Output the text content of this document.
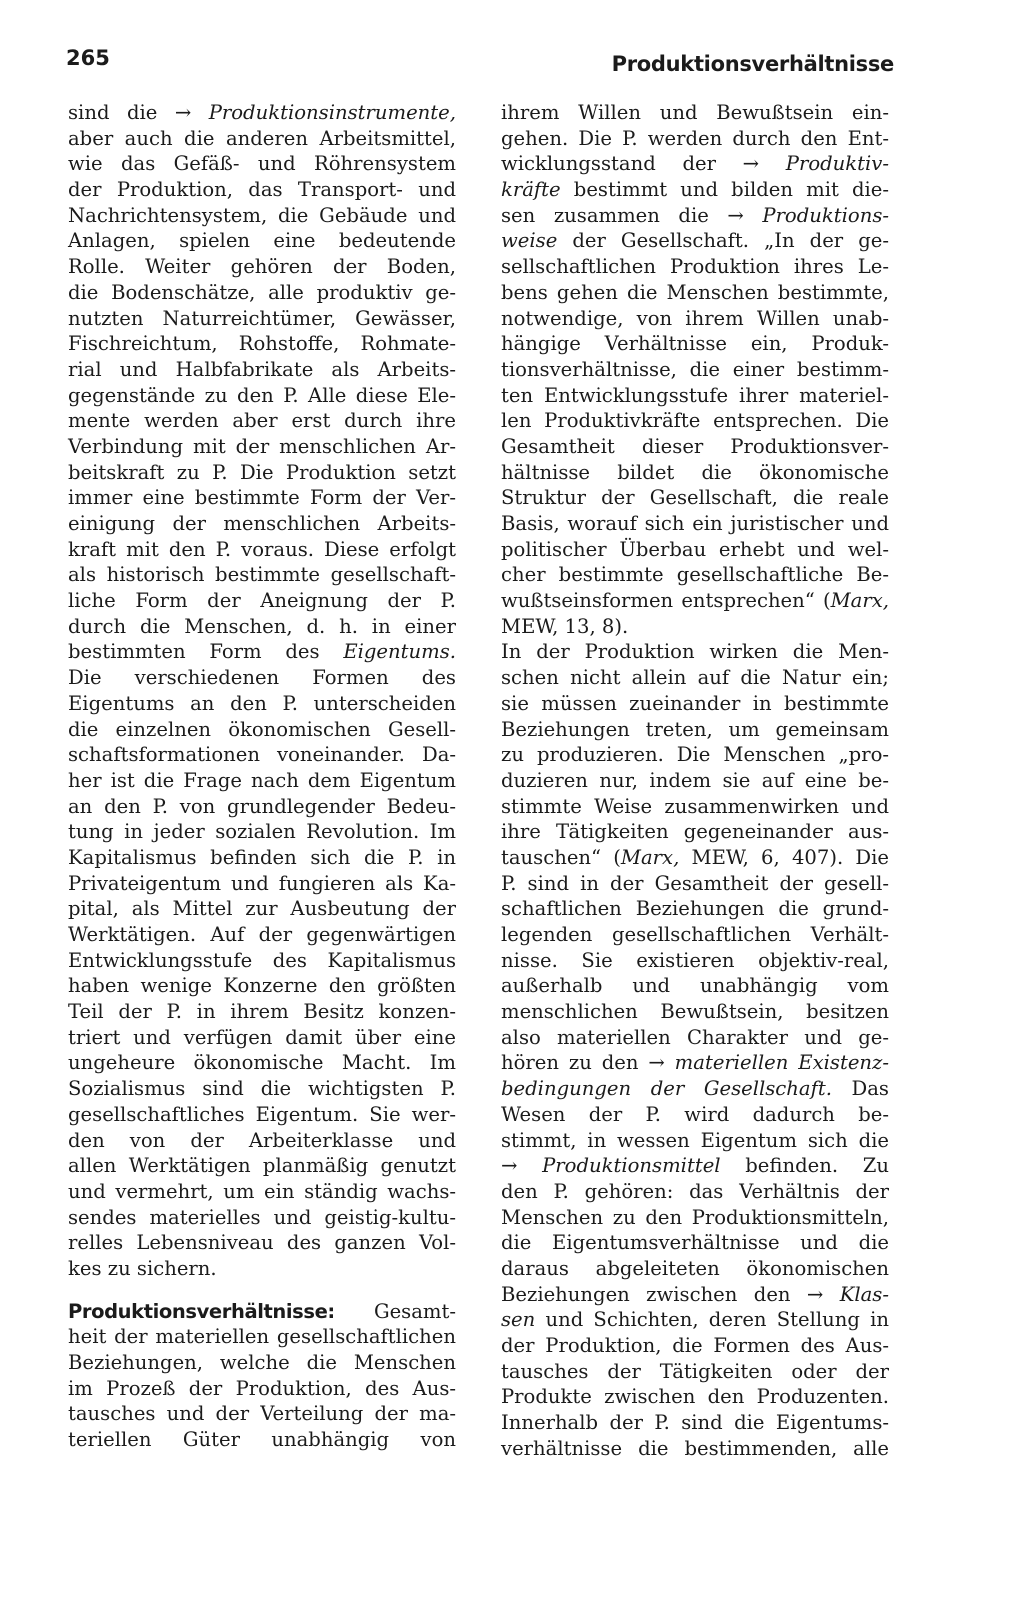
265	Produktionsverhältnisse
sind die → Produktionsinstrumente,
aber auch die anderen Arbeitsmittel,
wie das Gefäß- und Röhrensystem
der Produktion, das Transport- und
Nachrichtensystem, die Gebäude und
Anlagen, spielen eine bedeutende
Rolle. Weiter gehören der Boden,
die Bodenschätze, alle produktiv ge-
nutzten Naturreichtümer, Gewässer,
Fischreichtum, Rohstoffe, Rohmate-
rial und Halbfabrikate als Arbeits-
gegenstände zu den P. Alle diese Ele-
mente werden aber erst durch ihre
Verbindung mit der menschlichen Ar-
beitskraft zu P. Die Produktion setzt
immer eine bestimmte Form der Ver-
einigung der menschlichen Arbeits-
kraft mit den P. voraus. Diese erfolgt
als historisch bestimmte gesellschaft-
liche Form der Aneignung der P.
durch die Menschen, d. h. in einer
bestimmten Form des Eigentums.
Die verschiedenen Formen des
Eigentums an den P. unterscheiden
die einzelnen ökonomischen Gesell-
schaftsformationen voneinander. Da-
her ist die Frage nach dem Eigentum
an den P. von grundlegender Bedeu-
tung in jeder sozialen Revolution. Im
Kapitalismus befinden sich die P. in
Privateigentum und fungieren als Ka-
pital, als Mittel zur Ausbeutung der
Werktätigen. Auf der gegenwärtigen
Entwicklungsstufe des Kapitalismus
haben wenige Konzerne den größten
Teil der P. in ihrem Besitz konzen-
triert und verfügen damit über eine
ungeheure ökonomische Macht. Im
Sozialismus sind die wichtigsten P.
gesellschaftliches Eigentum. Sie wer-
den von der Arbeiterklasse und
allen Werktätigen planmäßig genutzt
und vermehrt, um ein ständig wachs-
sendes materielles und geistig-kultu-
relles Lebensniveau des ganzen Vol-
kes zu sichern.
Produktionsverhältnisse: Gesamt-
heit der materiellen gesellschaftlichen
Beziehungen, welche die Menschen
im Prozeß der Produktion, des Aus-
tausches und der Verteilung der ma-
teriellen Güter unabhängig von
ihrem Willen und Bewußtsein ein-
gehen. Die P. werden durch den Ent-
wicklungsstand der → Produktiv-
kräfte bestimmt und bilden mit die-
sen zusammen die → Produktions-
weise der Gesellschaft. „In der ge-
sellschaftlichen Produktion ihres Le-
bens gehen die Menschen bestimmte,
notwendige, von ihrem Willen unab-
hängige Verhältnisse ein, Produk-
tionsverhältnisse, die einer bestimm-
ten Entwicklungsstufe ihrer materiel-
len Produktivkräfte entsprechen. Die
Gesamtheit dieser Produktionsver-
hältnisse bildet die ökonomische
Struktur der Gesellschaft, die reale
Basis, worauf sich ein juristischer und
politischer Überbau erhebt und wel-
cher bestimmte gesellschaftliche Be-
wußtseinsformen entsprechen“ (Marx,
MEW, 13, 8).
In der Produktion wirken die Men-
schen nicht allein auf die Natur ein;
sie müssen zueinander in bestimmte
Beziehungen treten, um gemeinsam
zu produzieren. Die Menschen „pro-
duzieren nur, indem sie auf eine be-
stimmte Weise zusammenwirken und
ihre Tätigkeiten gegeneinander aus-
tauschen“ (Marx, MEW, 6, 407). Die
P. sind in der Gesamtheit der gesell-
schaftlichen Beziehungen die grund-
legenden gesellschaftlichen Verhält-
nisse. Sie existieren objektiv-real,
außerhalb und unabhängig vom
menschlichen Bewußtsein, besitzen
also materiellen Charakter und ge-
hören zu den → materiellen Existenz-
bedingungen der Gesellschaft. Das
Wesen der P. wird dadurch be-
stimmt, in wessen Eigentum sich die
→ Produktionsmittel befinden. Zu
den P. gehören: das Verhältnis der
Menschen zu den Produktionsmitteln,
die Eigentumsverhältnisse und die
daraus abgeleiteten ökonomischen
Beziehungen zwischen den → Klas-
sen und Schichten, deren Stellung in
der Produktion, die Formen des Aus-
tausches der Tätigkeiten oder der
Produkte zwischen den Produzenten.
Innerhalb der P. sind die Eigentums-
verhältnisse die bestimmenden, alle
